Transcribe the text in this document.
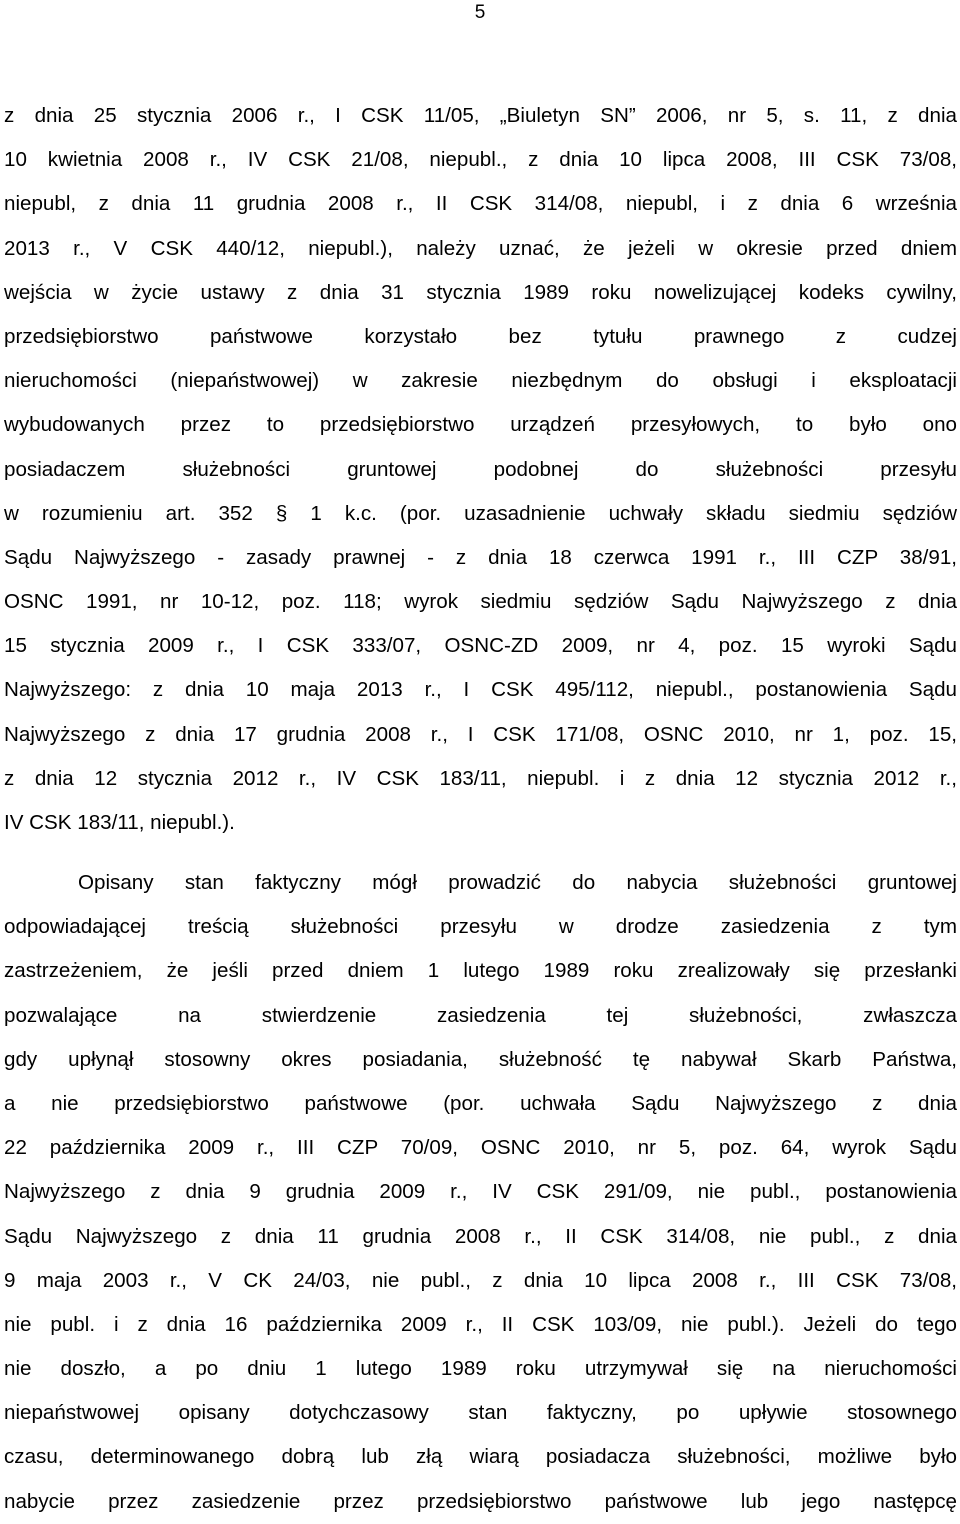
5
z dnia 25 stycznia 2006 r., I CSK 11/05, „Biuletyn SN” 2006, nr 5, s. 11, z dnia
10 kwietnia 2008 r., IV CSK 21/08, niepubl., z dnia 10 lipca 2008, III CSK 73/08,
niepubl, z dnia 11 grudnia 2008 r., II CSK 314/08, niepubl, i z dnia 6 września
2013 r., V CSK 440/12, niepubl.), należy uznać, że jeżeli w okresie przed dniem
wejścia w życie ustawy z dnia 31 stycznia 1989 roku nowelizującej kodeks cywilny,
przedsiębiorstwo państwowe korzystało bez tytułu prawnego z cudzej
nieruchomości (niepaństwowej) w zakresie niezbędnym do obsługi i eksploatacji
wybudowanych przez to przedsiębiorstwo urządzeń przesyłowych, to było ono
posiadaczem służebności gruntowej podobnej do służebności przesyłu
w rozumieniu art. 352 § 1 k.c. (por. uzasadnienie uchwały składu siedmiu sędziów
Sądu Najwyższego - zasady prawnej - z dnia 18 czerwca 1991 r., III CZP 38/91,
OSNC 1991, nr 10-12, poz. 118; wyrok siedmiu sędziów Sądu Najwyższego z dnia
15 stycznia 2009 r., I CSK 333/07, OSNC-ZD 2009, nr 4, poz. 15 wyroki Sądu
Najwyższego: z dnia 10 maja 2013 r., I CSK 495/112, niepubl., postanowienia Sądu
Najwyższego z dnia 17 grudnia 2008 r., I CSK 171/08, OSNC 2010, nr 1, poz. 15,
z dnia 12 stycznia 2012 r., IV CSK 183/11, niepubl. i z dnia 12 stycznia 2012 r.,
IV CSK 183/11, niepubl.).
Opisany stan faktyczny mógł prowadzić do nabycia służebności gruntowej
odpowiadającej treścią służebności przesyłu w drodze zasiedzenia z tym
zastrzeżeniem, że jeśli przed dniem 1 lutego 1989 roku zrealizowały się przesłanki
pozwalające na stwierdzenie zasiedzenia tej służebności, zwłaszcza
gdy upłynął stosowny okres posiadania, służebność tę nabywał Skarb Państwa,
a nie przedsiębiorstwo państwowe (por. uchwała Sądu Najwyższego z dnia
22 października 2009 r., III CZP 70/09, OSNC 2010, nr 5, poz. 64, wyrok Sądu
Najwyższego z dnia 9 grudnia 2009 r., IV CSK 291/09, nie publ., postanowienia
Sądu Najwyższego z dnia 11 grudnia 2008 r., II CSK 314/08, nie publ., z dnia
9 maja 2003 r., V CK 24/03, nie publ., z dnia 10 lipca 2008 r., III CSK 73/08,
nie publ. i z dnia 16 października 2009 r., II CSK 103/09, nie publ.). Jeżeli do tego
nie doszło, a po dniu 1 lutego 1989 roku utrzymywał się na nieruchomości
niepaństwowej opisany dotychczasowy stan faktyczny, po upływie stosownego
czasu, determinowanego dobrą lub złą wiarą posiadacza służebności, możliwe było
nabycie przez zasiedzenie przez przedsiębiorstwo państwowe lub jego następcę
